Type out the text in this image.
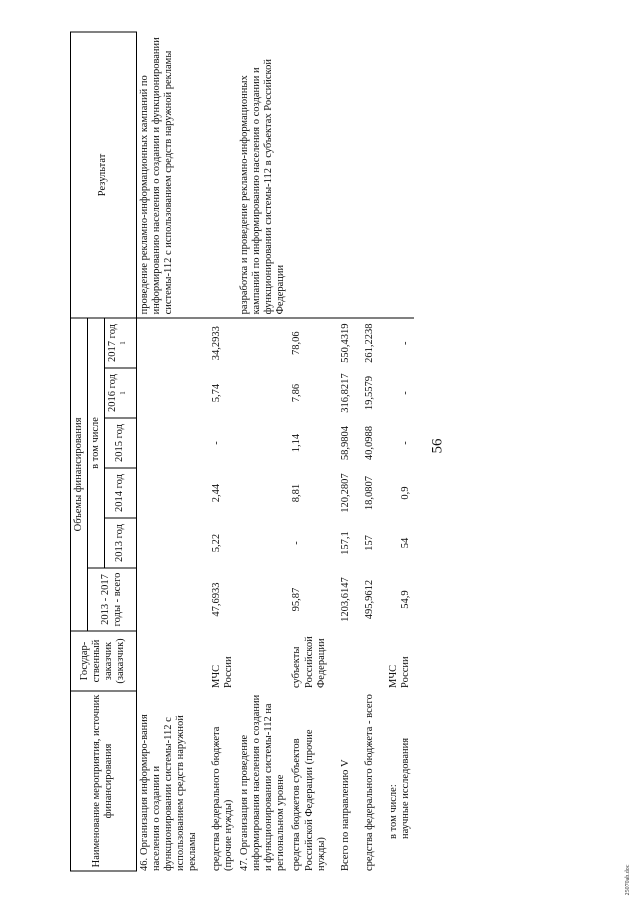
56
25070ab.doc
Наименование мероприятия, источник финансирования	Государ-ственный заказчик (заказчик)	Объемы финансирования						Результат
		2013 - 2017 годы - всего	в том числе					
			2013 год	2014 год	2015 год	2016 год $^1$	2017 год $^1$
46.Организация информиро-вания населения о создании и функционировании системы-112 с использованием средств наружной рекламы								проведение рекламно-информационных кампаний по информированию населения о создании и функционировании системы-112 с использованием средств наружной рекламы

средства федерального бюджета (прочие нужды)	МЧС России	47,6933	5,22	2,44	-	5,74	34,2933	
47.Организация и проведение информирования населения о создании и функционировании системы-112 на региональном уровне								разработка и проведение рекламно-информационных кампаний по информированию населения о создании и функционировании системы-112 в субъектах Российской Федерации
средства бюджетов субъектов Российской Федерации (прочие нужды)	субъекты Российской Федерации	95,87	-	8,81	1,14	7,86	78,06	

Всего по направлению V		1203,6147	157,1	120,2807	58,9804	316,8217	550,4319	

средства федерального бюджета - всего		495,9612	157	18,0807	40,0988	19,5579	261,2238	

в том числе:
научные исследования	МЧС России	54,9	54	0,9	-	-	-	
